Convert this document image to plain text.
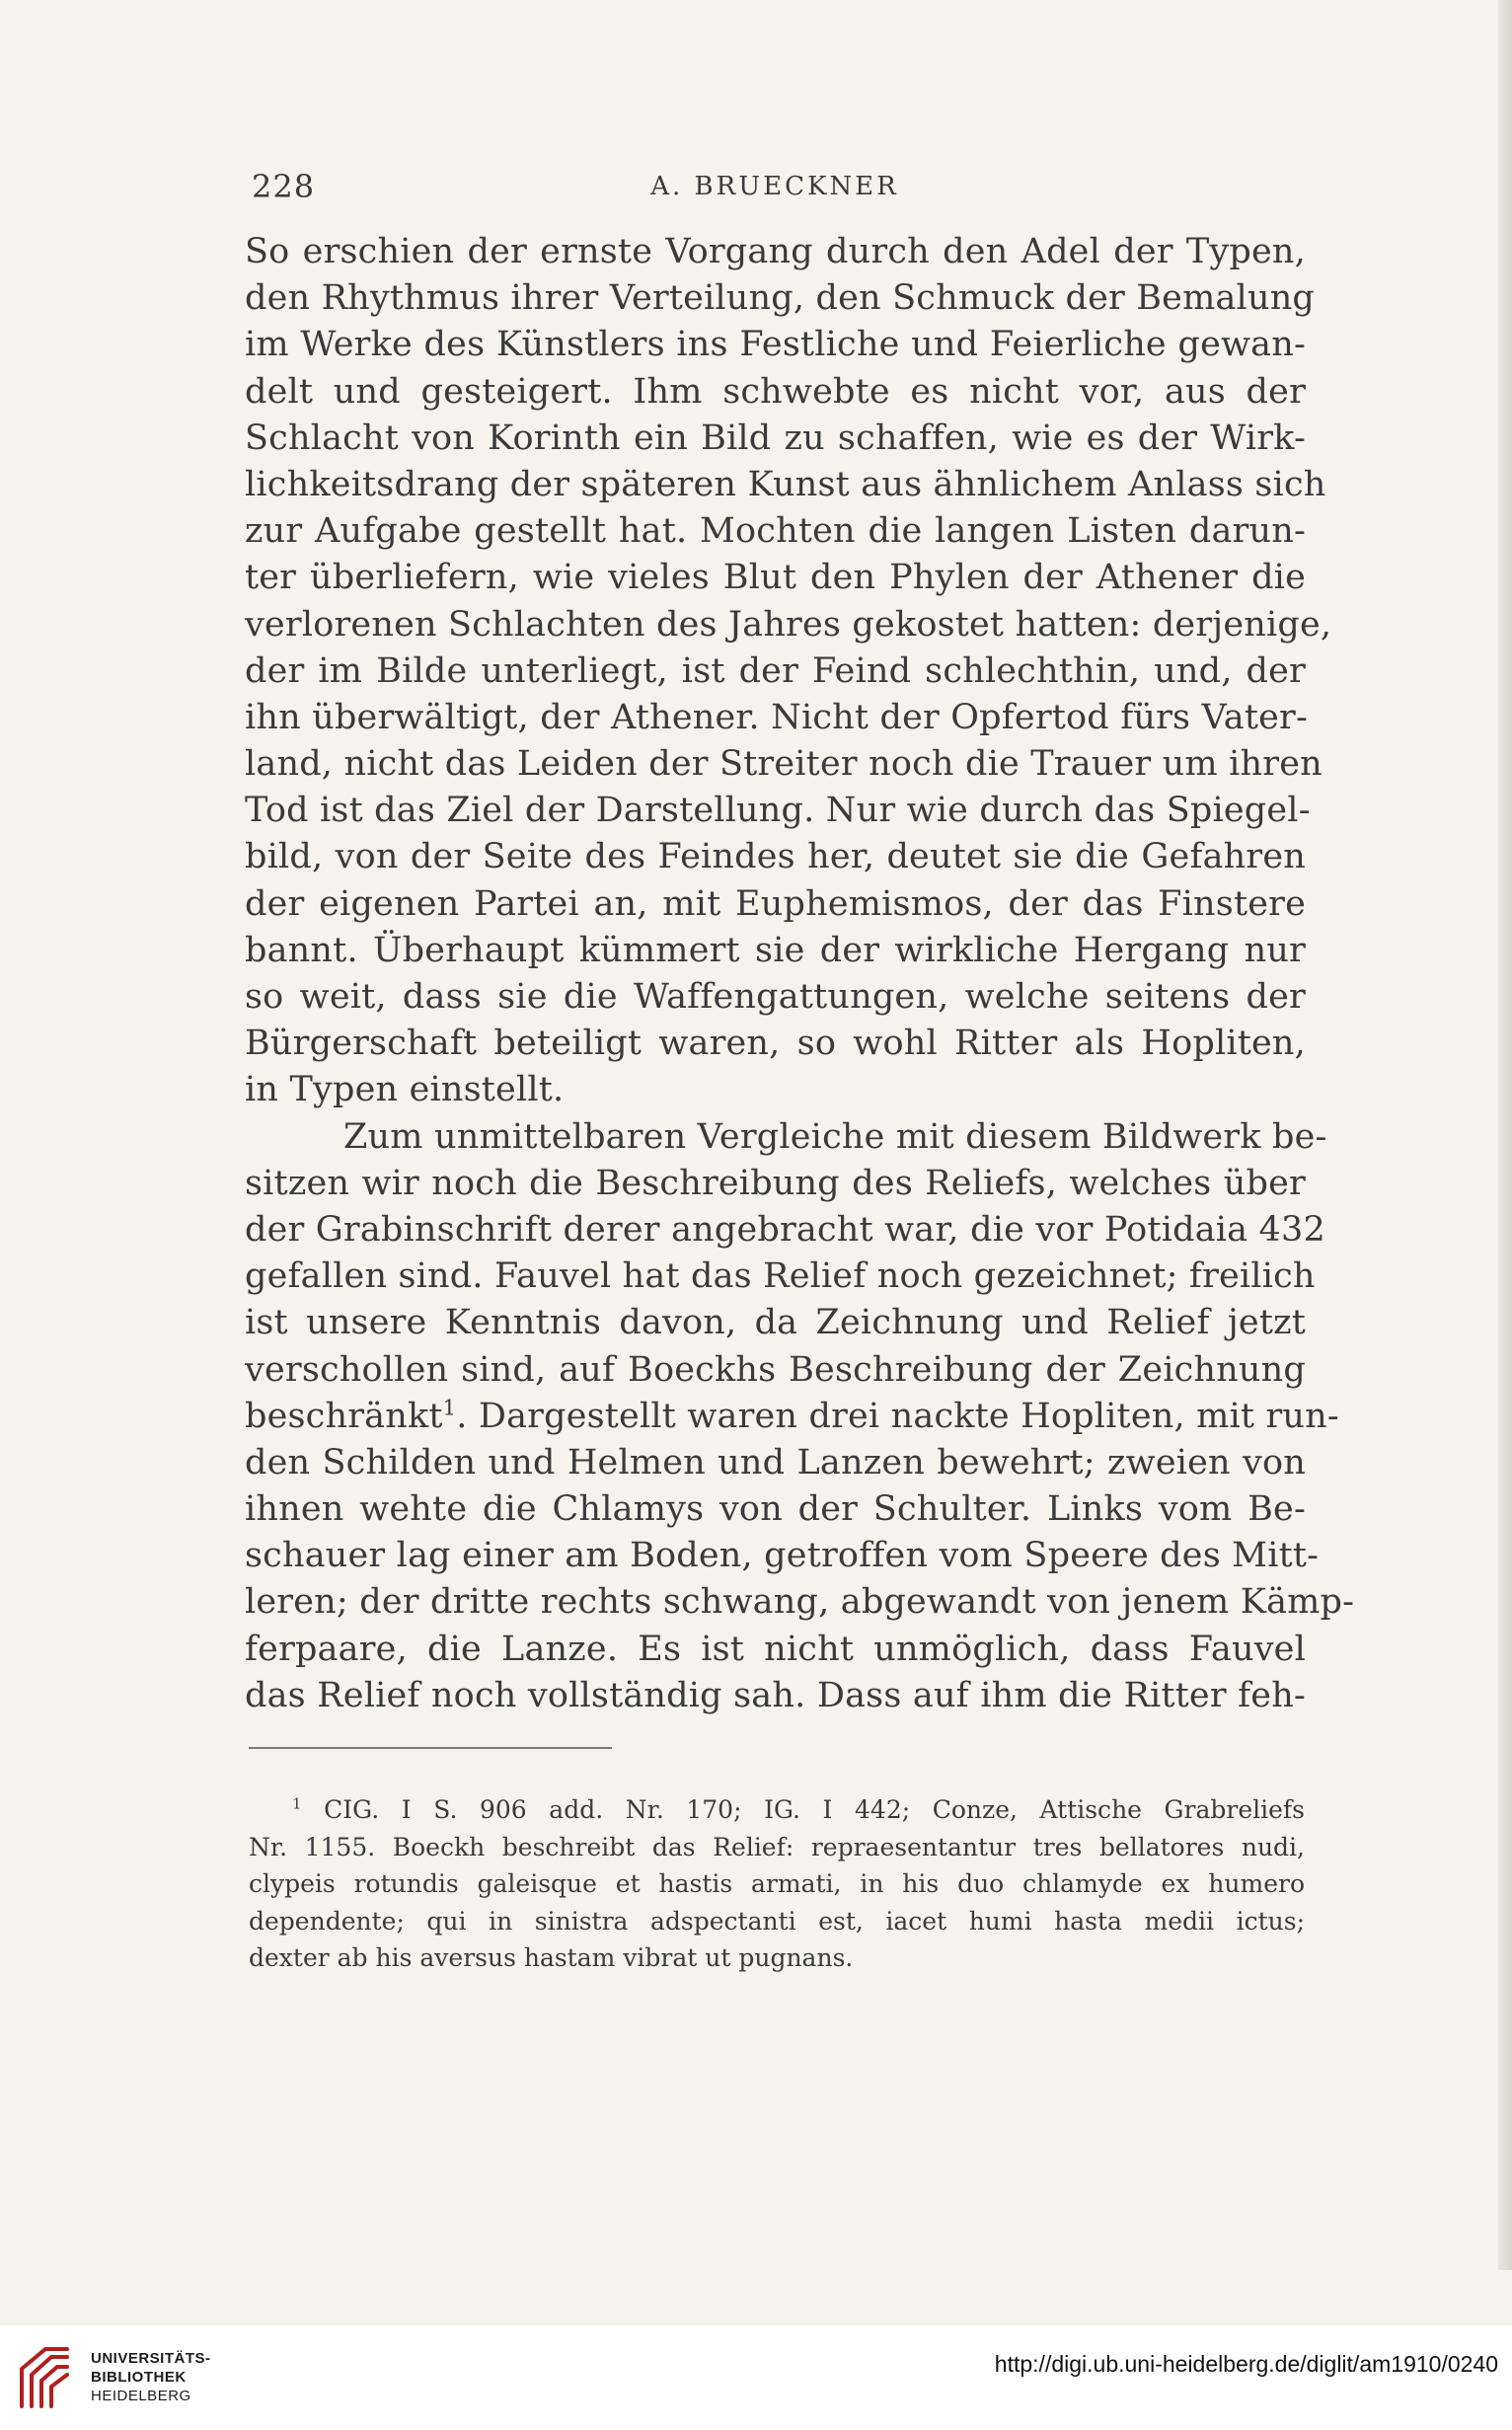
228	A. BRUECKNER
So erschien der ernste Vorgang durch den Adel der Typen,
den Rhythmus ihrer Verteilung, den Schmuck der Bemalung
im Werke des Künstlers ins Festliche und Feierliche gewan-
delt und gesteigert. Ihm schwebte es nicht vor, aus der
Schlacht von Korinth ein Bild zu schaffen, wie es der Wirk-
lichkeitsdrang der späteren Kunst aus ähnlichem Anlass sich
zur Aufgabe gestellt hat. Mochten die langen Listen darun-
ter überliefern, wie vieles Blut den Phylen der Athener die
verlorenen Schlachten des Jahres gekostet hatten: derjenige,
der im Bilde unterliegt, ist der Feind schlechthin, und, der
ihn überwältigt, der Athener. Nicht der Opfertod fürs Vater-
land, nicht das Leiden der Streiter noch die Trauer um ihren
Tod ist das Ziel der Darstellung. Nur wie durch das Spiegel-
bild, von der Seite des Feindes her, deutet sie die Gefahren
der eigenen Partei an, mit Euphemismos, der das Finstere
bannt. Überhaupt kümmert sie der wirkliche Hergang nur
so weit, dass sie die Waffengattungen, welche seitens der
Bürgerschaft beteiligt waren, so wohl Ritter als Hopliten,
in Typen einstellt.
Zum unmittelbaren Vergleiche mit diesem Bildwerk be-
sitzen wir noch die Beschreibung des Reliefs, welches über
der Grabinschrift derer angebracht war, die vor Potidaia 432
gefallen sind. Fauvel hat das Relief noch gezeichnet; freilich
ist unsere Kenntnis davon, da Zeichnung und Relief jetzt
verschollen sind, auf Boeckhs Beschreibung der Zeichnung
beschränkt$^1$. Dargestellt waren drei nackte Hopliten, mit run-
den Schilden und Helmen und Lanzen bewehrt; zweien von
ihnen wehte die Chlamys von der Schulter. Links vom Be-
schauer lag einer am Boden, getroffen vom Speere des Mitt-
leren; der dritte rechts schwang, abgewandt von jenem Kämp-
ferpaare, die Lanze. Es ist nicht unmöglich, dass Fauvel
das Relief noch vollständig sah. Dass auf ihm die Ritter feh-
$^1$ CIG. I S. 906 add. Nr. 170; IG. I 442; Conze, Attische Grabreliefs
Nr. 1155. Boeckh beschreibt das Relief: repraesentantur tres bellatores nudi,
clypeis rotundis galeisque et hastis armati, in his duo chlamyde ex humero
dependente; qui in sinistra adspectanti est, iacet humi hasta medii ictus;
dexter ab his aversus hastam vibrat ut pugnans.
UNIVERSITÄTS-
BIBLIOTHEK
HEIDELBERG
http://digi.ub.uni-heidelberg.de/diglit/am1910/0240
